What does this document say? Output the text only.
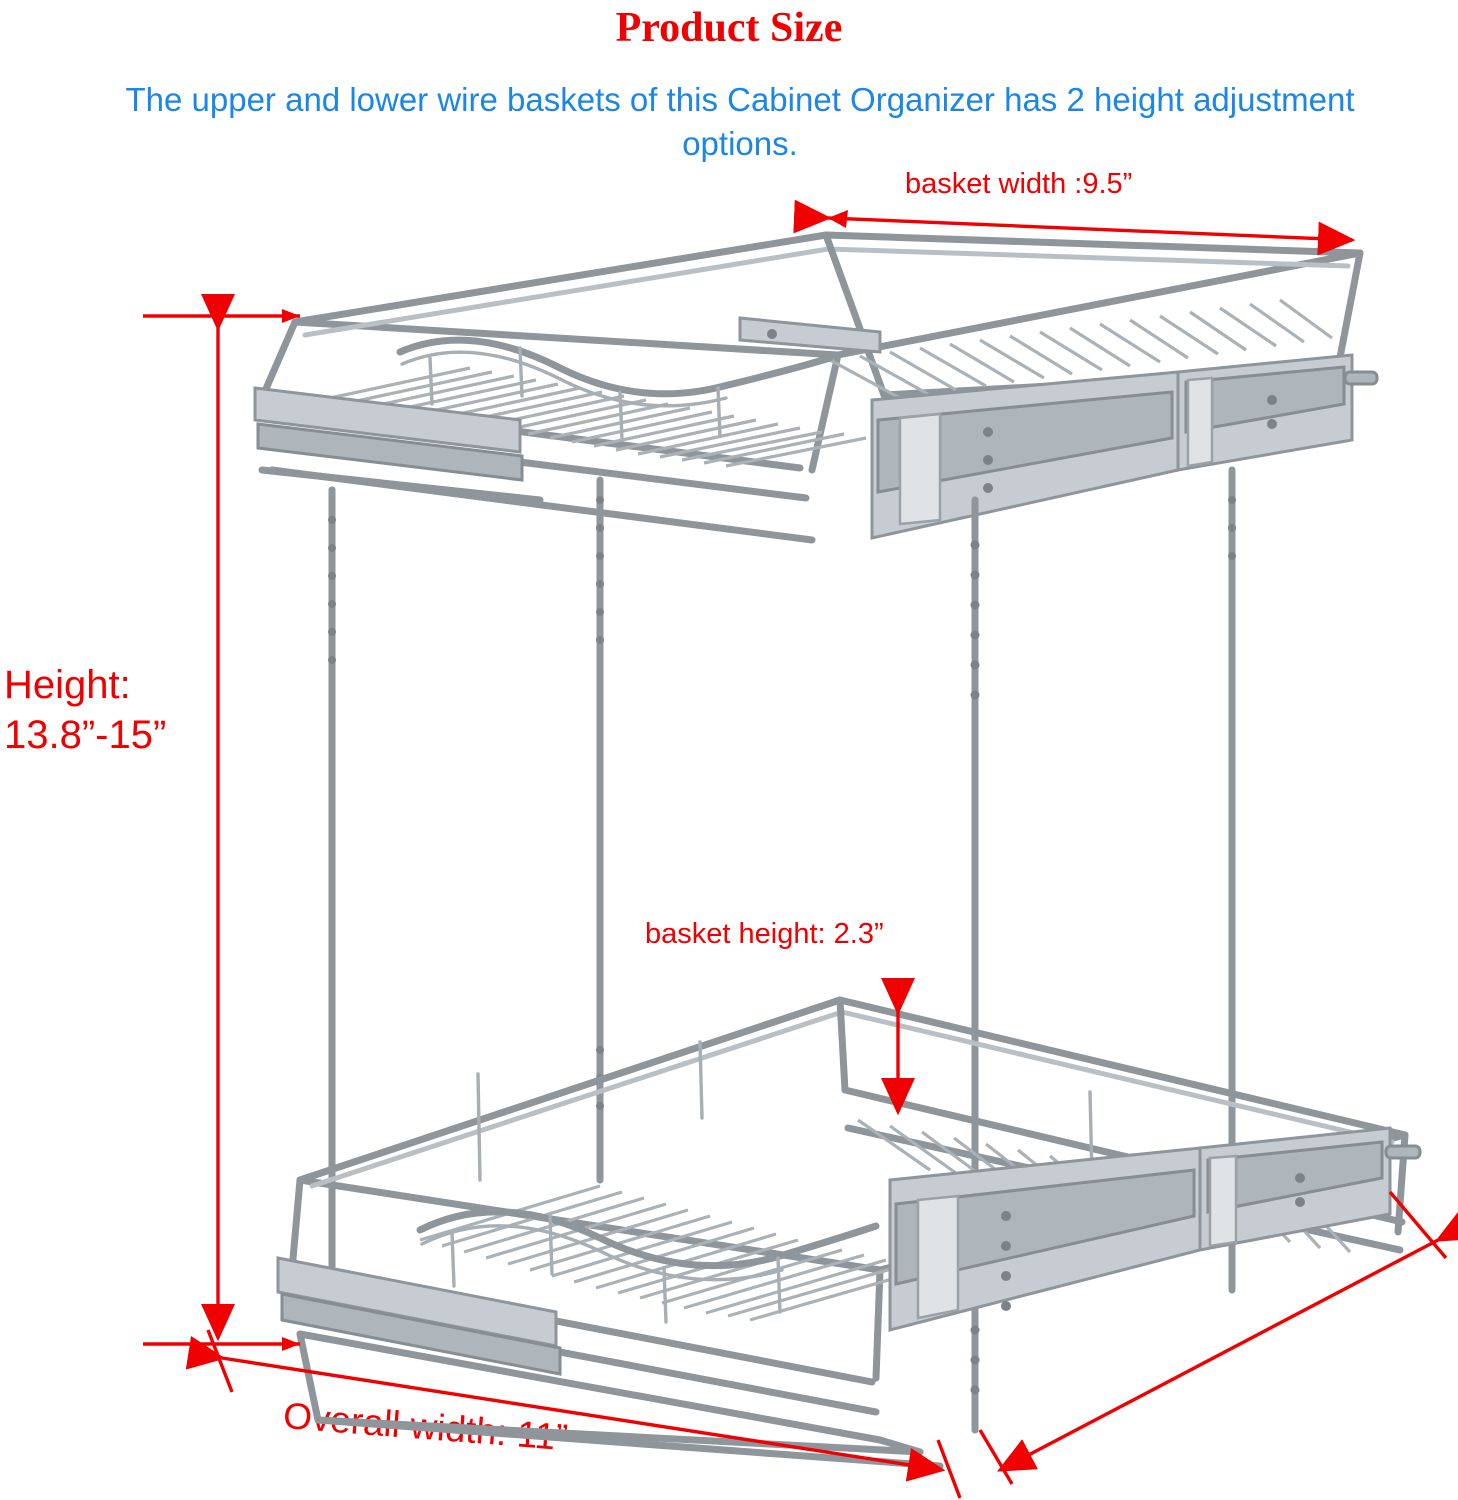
Product Size
The upper and lower wire baskets of this Cabinet Organizer has 2 height adjustment options.
basket width :9.5”
basket height: 2.3”
Height:
13.8”-15”
Overall width: 11”
